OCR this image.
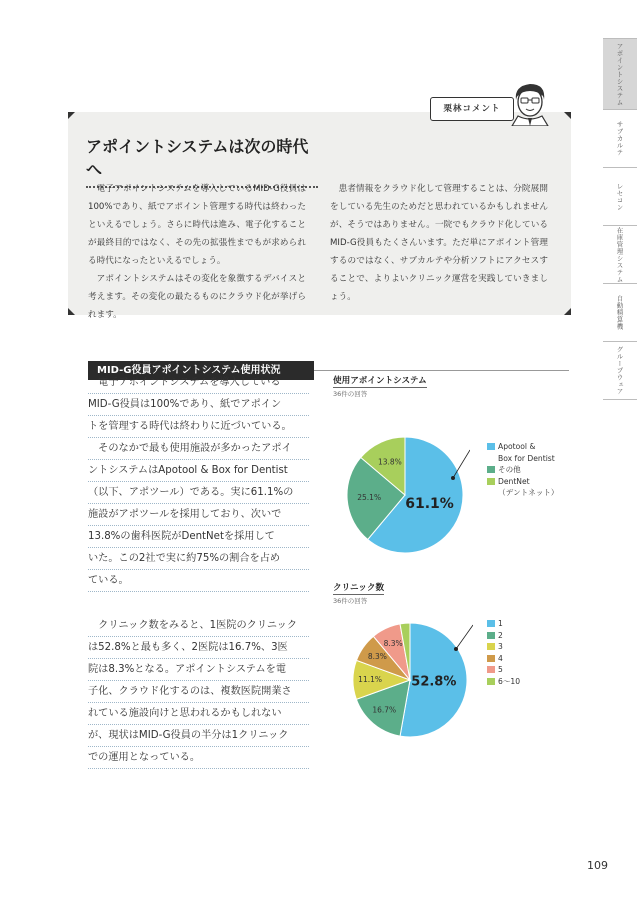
アポイントシステム
サブカルテ
レセコン
在庫管理システム
自動精算機
グループウェア
アポイントシステムは次の時代へ

電子アポイントシステムを導入しているMID-G役員は100%であり、紙でアポイント管理する時代は終わったといえるでしょう。さらに時代は進み、電子化することが最終目的ではなく、その先の拡張性までもが求められる時代になったといえるでしょう。

アポイントシステムはその変化を象徴するデバイスと考えます。その変化の最たるものにクラウド化が挙げられます。

患者情報をクラウド化して管理することは、分院展開をしている先生のためだと思われているかもしれませんが、そうではありません。一院でもクラウド化しているMID-G役員もたくさんいます。ただ単にアポイント管理するのではなく、サブカルテや分析ソフトにアクセスすることで、よりよいクリニック運営を実践していきましょう。

栗林コメント
MID-G役員アポイントシステム使用状況
　電子アポイントシステムを導入している
MID-G役員は100%であり、紙でアポイン
トを管理する時代は終わりに近づいている。
　そのなかで最も使用施設が多かったアポイ
ントシステムはApotool & Box for Dentist
（以下、アポツール）である。実に61.1%の
施設がアポツールを採用しており、次いで
13.8%の歯科医院がDentNetを採用して
いた。この2社で実に約75%の割合を占め
ている。
　クリニック数をみると、1医院のクリニック
は52.8%と最も多く、2医院は16.7%、3医
院は8.3%となる。アポイントシステムを電
子化、クラウド化するのは、複数医院開業さ
れている施設向けと思われるかもしれない
が、現状はMID-G役員の半分は1クリニック
での運用となっている。
使用アポイントシステム
36件の回答
61.1%
25.1%
13.8%
Apotool &
Box for Dentist
その他
DentNet
（デントネット）
クリニック数
36件の回答
52.8%
16.7%
11.1%
8.3%
8.3%
1
2
3
4
5
6〜10
109
